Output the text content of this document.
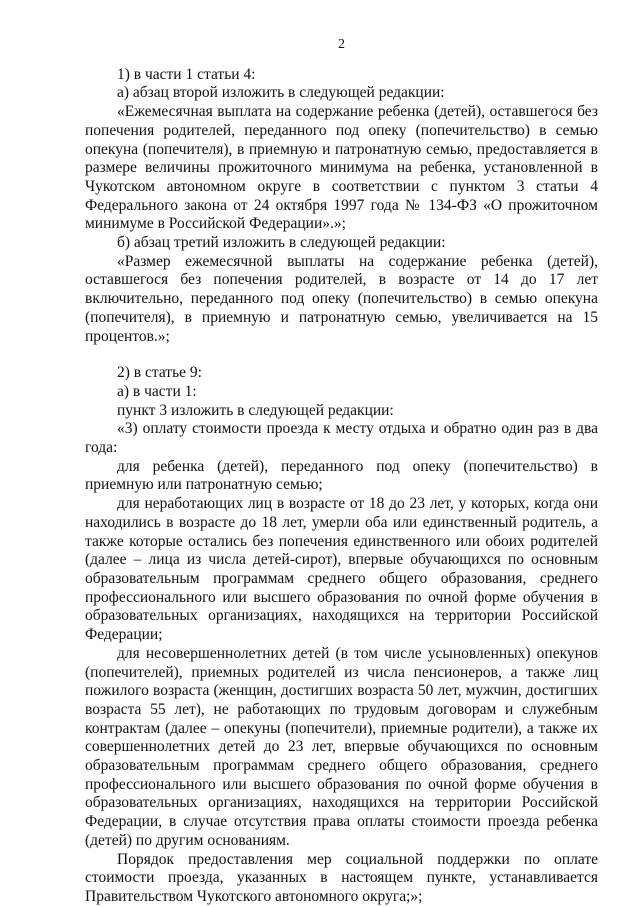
2

1) в части 1 статьи 4:

а) абзац второй изложить в следующей редакции:

«Ежемесячная выплата на содержание ребенка (детей), оставшегося без попечения родителей, переданного под опеку (попечительство) в семью опекуна (попечителя), в приемную и патронатную семью, предоставляется в размере величины прожиточного минимума на ребенка, установленной в Чукотском автономном округе в соответствии с пунктом 3 статьи 4 Федерального закона от 24 октября 1997 года № 134-ФЗ «О прожиточном минимуме в Российской Федерации».»;

б) абзац третий изложить в следующей редакции:

«Размер ежемесячной выплаты на содержание ребенка (детей), оставшегося без попечения родителей, в возрасте от 14 до 17 лет включительно, переданного под опеку (попечительство) в семью опекуна (попечителя), в приемную и патронатную семью, увеличивается на 15 процентов.»;

2) в статье 9:

а) в части 1:

пункт 3 изложить в следующей редакции:

«3) оплату стоимости проезда к месту отдыха и обратно один раз в два года:

для ребенка (детей), переданного под опеку (попечительство) в приемную или патронатную семью;

для неработающих лиц в возрасте от 18 до 23 лет, у которых, когда они находились в возрасте до 18 лет, умерли оба или единственный родитель, а также которые остались без попечения единственного или обоих родителей (далее – лица из числа детей-сирот), впервые обучающихся по основным образовательным программам среднего общего образования, среднего профессионального или высшего образования по очной форме обучения в образовательных организациях, находящихся на территории Российской Федерации;

для несовершеннолетних детей (в том числе усыновленных) опекунов (попечителей), приемных родителей из числа пенсионеров, а также лиц пожилого возраста (женщин, достигших возраста 50 лет, мужчин, достигших возраста 55 лет), не работающих по трудовым договорам и служебным контрактам (далее – опекуны (попечители), приемные родители), а также их совершеннолетних детей до 23 лет, впервые обучающихся по основным образовательным программам среднего общего образования, среднего профессионального или высшего образования по очной форме обучения в образовательных организациях, находящихся на территории Российской Федерации, в случае отсутствия права оплаты стоимости проезда ребенка (детей) по другим основаниям.

Порядок предоставления мер социальной поддержки по оплате стоимости проезда, указанных в настоящем пункте, устанавливается Правительством Чукотского автономного округа;»;
